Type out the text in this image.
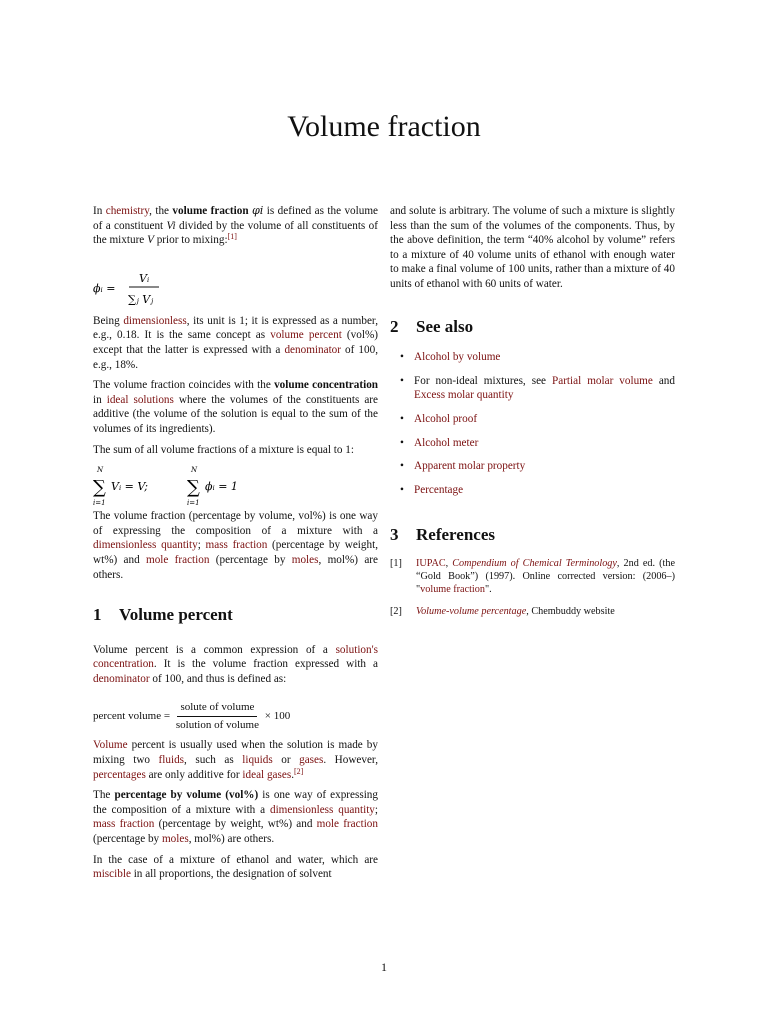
Volume fraction

In chemistry, the volume fraction φi is defined as the volume of a constituent Vi divided by the volume of all constituents of the mixture V prior to mixing:[1]

ϕᵢ =
Vᵢ
∑ⱼ Vⱼ

Being dimensionless, its unit is 1; it is expressed as a number, e.g., 0.18. It is the same concept as volume percent (vol%) except that the latter is expressed with a denominator of 100, e.g., 18%.

The volume fraction coincides with the volume concentration in ideal solutions where the volumes of the constituents are additive (the volume of the solution is equal to the sum of the volumes of its ingredients).

The sum of all volume fractions of a mixture is equal to 1:

N
∑
i=1
Vᵢ = V;
N
∑
i=1
ϕᵢ = 1

The volume fraction (percentage by volume, vol%) is one way of expressing the composition of a mixture with a dimensionless quantity; mass fraction (percentage by weight, wt%) and mole fraction (percentage by moles, mol%) are others.

1 Volume percent

Volume percent is a common expression of a solution's concentration. It is the volume fraction expressed with a denominator of 100, and thus is defined as:

percent volume = $\frac{\text{solute of volume}}{\text{solution of volume}} \times 100$

Volume percent is usually used when the solution is made by mixing two fluids, such as liquids or gases. However, percentages are only additive for ideal gases.[2]

The percentage by volume (vol%) is one way of expressing the composition of a mixture with a dimensionless quantity; mass fraction (percentage by weight, wt%) and mole fraction (percentage by moles, mol%) are others.

In the case of a mixture of ethanol and water, which are miscible in all proportions, the designation of solvent

and solute is arbitrary. The volume of such a mixture is slightly less than the sum of the volumes of the components. Thus, by the above definition, the term “40% alcohol by volume” refers to a mixture of 40 volume units of ethanol with enough water to make a final volume of 100 units, rather than a mixture of 40 units of ethanol with 60 units of water.

2 See also
• Alcohol by volume
• For non-ideal mixtures, see Partial molar volume and Excess molar quantity
• Alcohol proof
• Alcohol meter
• Apparent molar property
• Percentage
3 References
[1]	IUPAC, Compendium of Chemical Terminology, 2nd ed. (the “Gold Book”) (1997). Online corrected version: (2006–) "volume fraction".
[2]	Volume-volume percentage, Chembuddy website
1
